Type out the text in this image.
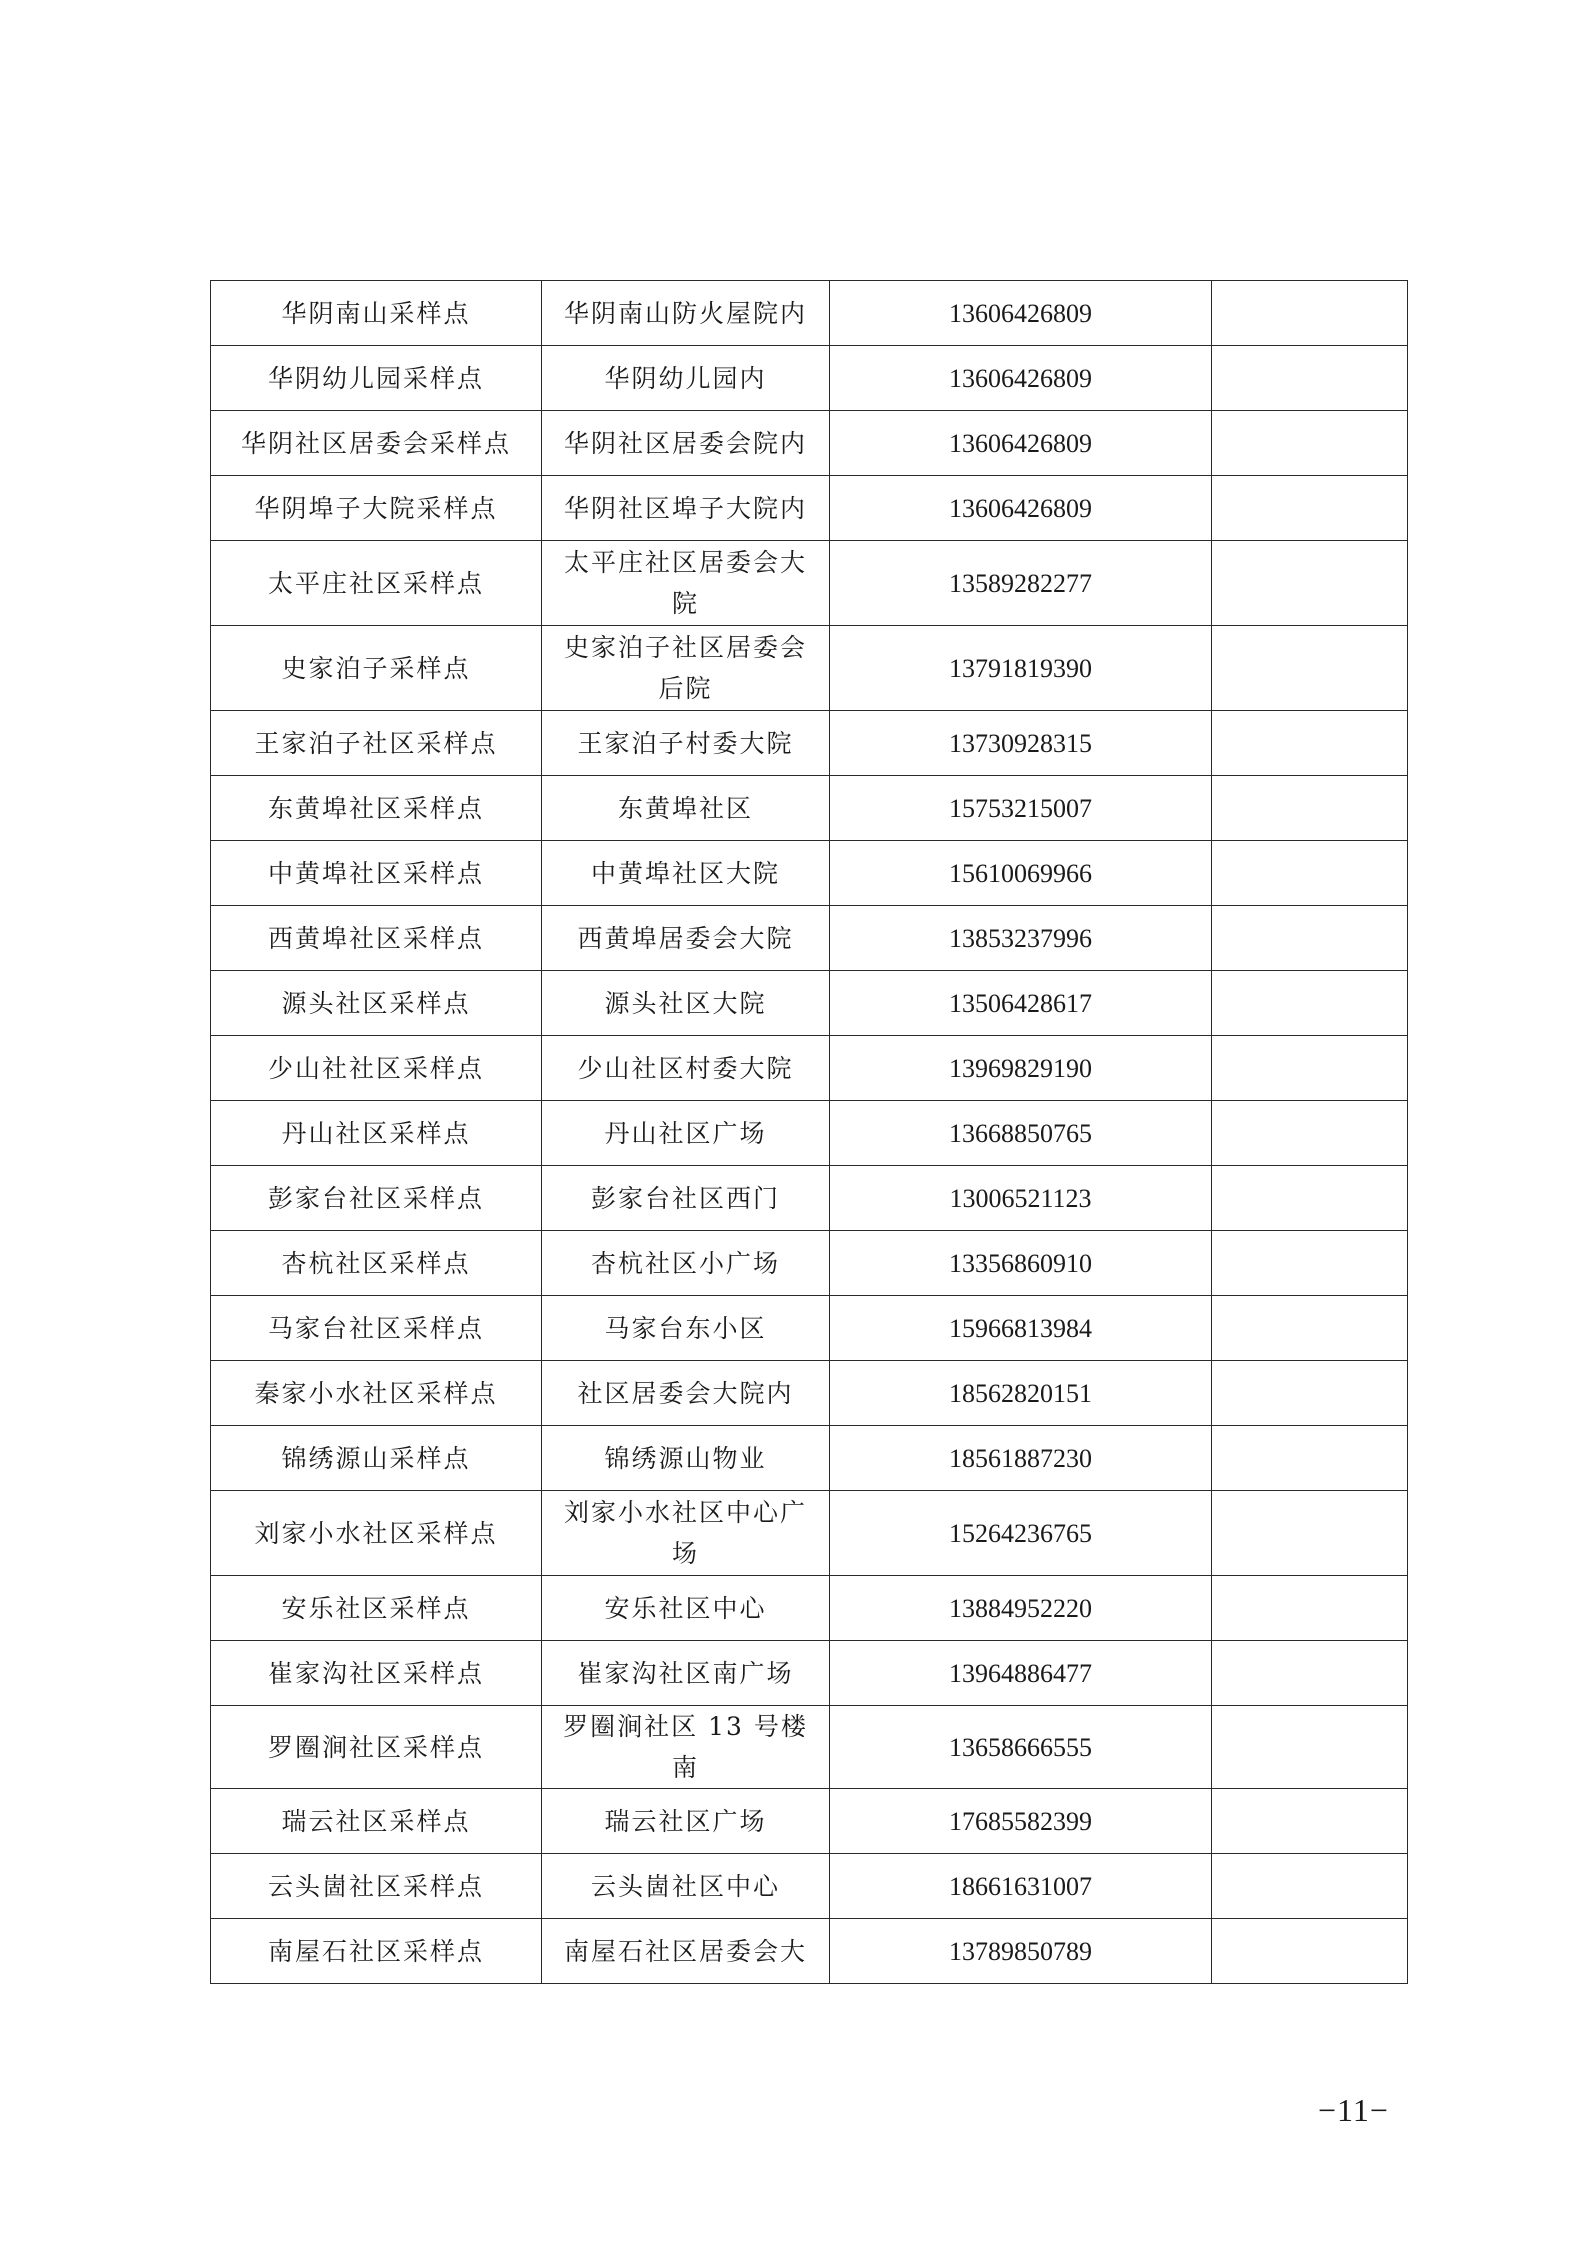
华阴南山采样点	华阴南山防火屋院内	13606426809	
华阴幼儿园采样点	华阴幼儿园内	13606426809	
华阴社区居委会采样点	华阴社区居委会院内	13606426809	
华阴埠子大院采样点	华阴社区埠子大院内	13606426809	
太平庄社区采样点	太平庄社区居委会大院	13589282277	
史家泊子采样点	史家泊子社区居委会后院	13791819390	
王家泊子社区采样点	王家泊子村委大院	13730928315	
东黄埠社区采样点	东黄埠社区	15753215007	
中黄埠社区采样点	中黄埠社区大院	15610069966	
西黄埠社区采样点	西黄埠居委会大院	13853237996	
源头社区采样点	源头社区大院	13506428617	
少山社社区采样点	少山社区村委大院	13969829190	
丹山社区采样点	丹山社区广场	13668850765	
彭家台社区采样点	彭家台社区西门	13006521123	
杏杭社区采样点	杏杭社区小广场	13356860910	
马家台社区采样点	马家台东小区	15966813984	
秦家小水社区采样点	社区居委会大院内	18562820151	
锦绣源山采样点	锦绣源山物业	18561887230	
刘家小水社区采样点	刘家小水社区中心广场	15264236765	
安乐社区采样点	安乐社区中心	13884952220	
崔家沟社区采样点	崔家沟社区南广场	13964886477	
罗圈涧社区采样点	罗圈涧社区 13 号楼南	13658666555	
瑞云社区采样点	瑞云社区广场	17685582399	
云头崮社区采样点	云头崮社区中心	18661631007	
南屋石社区采样点	南屋石社区居委会大	13789850789	
−11−
